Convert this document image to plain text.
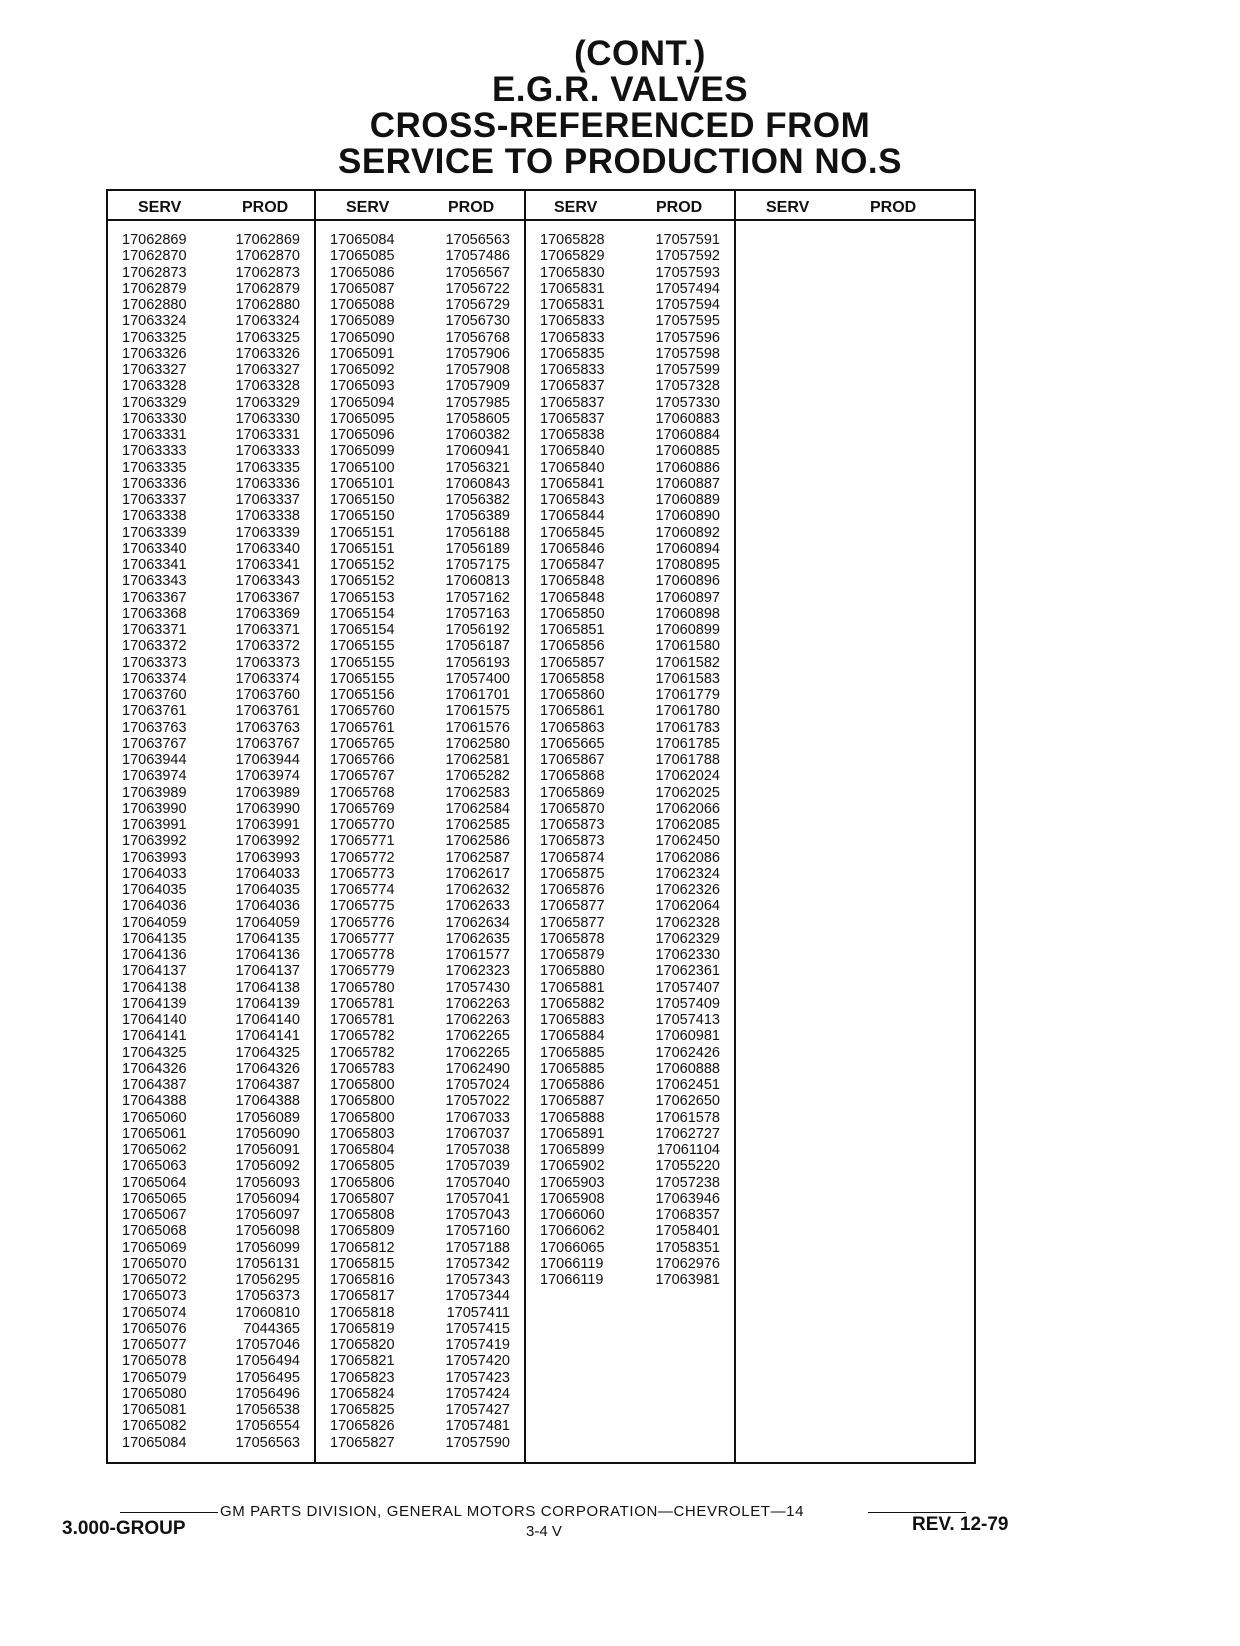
(CONT.)
E.G.R. VALVES
CROSS-REFERENCED FROM
SERVICE TO PRODUCTION NO.S
SERV	PROD
17062869	17062869
17062870	17062870
17062873	17062873
17062879	17062879
17062880	17062880
17063324	17063324
17063325	17063325
17063326	17063326
17063327	17063327
17063328	17063328
17063329	17063329
17063330	17063330
17063331	17063331
17063333	17063333
17063335	17063335
17063336	17063336
17063337	17063337
17063338	17063338
17063339	17063339
17063340	17063340
17063341	17063341
17063343	17063343
17063367	17063367
17063368	17063369
17063371	17063371
17063372	17063372
17063373	17063373
17063374	17063374
17063760	17063760
17063761	17063761
17063763	17063763
17063767	17063767
17063944	17063944
17063974	17063974
17063989	17063989
17063990	17063990
17063991	17063991
17063992	17063992
17063993	17063993
17064033	17064033
17064035	17064035
17064036	17064036
17064059	17064059
17064135	17064135
17064136	17064136
17064137	17064137
17064138	17064138
17064139	17064139
17064140	17064140
17064141	17064141
17064325	17064325
17064326	17064326
17064387	17064387
17064388	17064388
17065060	17056089
17065061	17056090
17065062	17056091
17065063	17056092
17065064	17056093
17065065	17056094
17065067	17056097
17065068	17056098
17065069	17056099
17065070	17056131
17065072	17056295
17065073	17056373
17065074	17060810
17065076	7044365
17065077	17057046
17065078	17056494
17065079	17056495
17065080	17056496
17065081	17056538
17065082	17056554
17065084	17056563
SERV	PROD
17065084	17056563
17065085	17057486
17065086	17056567
17065087	17056722
17065088	17056729
17065089	17056730
17065090	17056768
17065091	17057906
17065092	17057908
17065093	17057909
17065094	17057985
17065095	17058605
17065096	17060382
17065099	17060941
17065100	17056321
17065101	17060843
17065150	17056382
17065150	17056389
17065151	17056188
17065151	17056189
17065152	17057175
17065152	17060813
17065153	17057162
17065154	17057163
17065154	17056192
17065155	17056187
17065155	17056193
17065155	17057400
17065156	17061701
17065760	17061575
17065761	17061576
17065765	17062580
17065766	17062581
17065767	17065282
17065768	17062583
17065769	17062584
17065770	17062585
17065771	17062586
17065772	17062587
17065773	17062617
17065774	17062632
17065775	17062633
17065776	17062634
17065777	17062635
17065778	17061577
17065779	17062323
17065780	17057430
17065781	17062263
17065781	17062263
17065782	17062265
17065782	17062265
17065783	17062490
17065800	17057024
17065800	17057022
17065800	17067033
17065803	17067037
17065804	17057038
17065805	17057039
17065806	17057040
17065807	17057041
17065808	17057043
17065809	17057160
17065812	17057188
17065815	17057342
17065816	17057343
17065817	17057344
17065818	17057411
17065819	17057415
17065820	17057419
17065821	17057420
17065823	17057423
17065824	17057424
17065825	17057427
17065826	17057481
17065827	17057590
SERV	PROD
17065828	17057591
17065829	17057592
17065830	17057593
17065831	17057494
17065831	17057594
17065833	17057595
17065833	17057596
17065835	17057598
17065833	17057599
17065837	17057328
17065837	17057330
17065837	17060883
17065838	17060884
17065840	17060885
17065840	17060886
17065841	17060887
17065843	17060889
17065844	17060890
17065845	17060892
17065846	17060894
17065847	17080895
17065848	17060896
17065848	17060897
17065850	17060898
17065851	17060899
17065856	17061580
17065857	17061582
17065858	17061583
17065860	17061779
17065861	17061780
17065863	17061783
17065665	17061785
17065867	17061788
17065868	17062024
17065869	17062025
17065870	17062066
17065873	17062085
17065873	17062450
17065874	17062086
17065875	17062324
17065876	17062326
17065877	17062064
17065877	17062328
17065878	17062329
17065879	17062330
17065880	17062361
17065881	17057407
17065882	17057409
17065883	17057413
17065884	17060981
17065885	17062426
17065885	17060888
17065886	17062451
17065887	17062650
17065888	17061578
17065891	17062727
17065899	17061104
17065902	17055220
17065903	17057238
17065908	17063946
17066060	17068357
17066062	17058401
17066065	17058351
17066119	17062976
17066119	17063981
SERV	PROD
GM PARTS DIVISION, GENERAL MOTORS CORPORATION—CHEVROLET—14
3.000-GROUP	3-4 V	REV. 12-79
